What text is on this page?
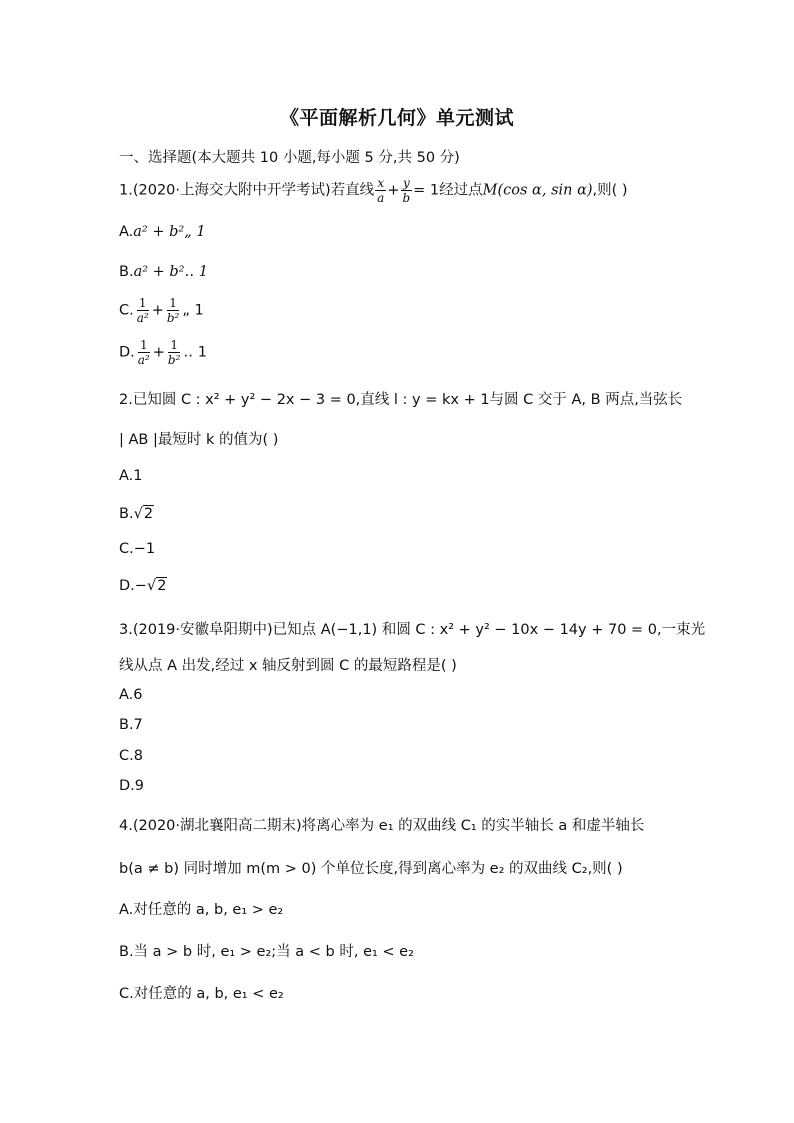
《平面解析几何》单元测试
一、选择题(本大题共 10 小题,每小题 5 分,共 50 分)
1.(2020·上海交大附中开学考试)若直线 $\frac{x}{a} + \frac{y}{b} = 1$经过点M(cos α, sin α),则( )
A.a² + b²„ 1
B.a² + b²‥ 1
C. $\frac{1}{\text{a²}} + \frac{1}{\text{b²}}$ „ 1
D. $\frac{1}{\text{a²}} + \frac{1}{\text{b²}}$ ‥ 1
2.已知圆 C : x² + y² − 2x − 3 = 0,直线 l : y = kx + 1与圆 C 交于 A, B 两点,当弦长
| AB |最短时 k 的值为( )
A.1
B.√2
C.−1
D.−√2
3.(2019·安徽阜阳期中)已知点 A(−1,1) 和圆 C : x² + y² − 10x − 14y + 70 = 0,一束光
线从点 A 出发,经过 x 轴反射到圆 C 的最短路程是( )
A.6
B.7
C.8
D.9
4.(2020·湖北襄阳高二期末)将离心率为 e₁ 的双曲线 C₁ 的实半轴长 a 和虚半轴长
b(a ≠ b) 同时增加 m(m > 0) 个单位长度,得到离心率为 e₂ 的双曲线 C₂,则( )
A.对任意的 a, b, e₁ > e₂
B.当 a > b 时, e₁ > e₂;当 a < b 时, e₁ < e₂
C.对任意的 a, b, e₁ < e₂
